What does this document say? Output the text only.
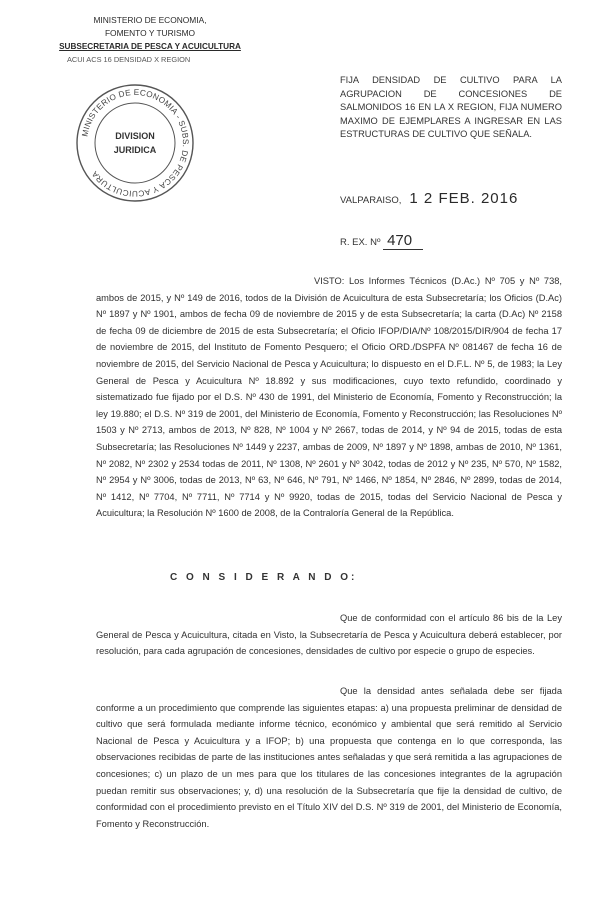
MINISTERIO DE ECONOMIA,
FOMENTO Y TURISMO
SUBSECRETARIA DE PESCA Y ACUICULTURA
ACUI ACS 16 DENSIDAD X REGION
MINISTERIO DE ECONOMIA - SUBS. DE PESCA Y ACUICULTURA
DIVISION
JURIDICA
FIJA DENSIDAD DE CULTIVO PARA LA AGRUPACION DE CONCESIONES DE SALMONIDOS 16 EN LA X REGION, FIJA NUMERO MAXIMO DE EJEMPLARES A INGRESAR EN LAS ESTRUCTURAS DE CULTIVO QUE SEÑALA.
VALPARAISO, 1 2 FEB. 2016
R. EX. Nº 470
VISTO: Los Informes Técnicos (D.Ac.) Nº 705 y Nº 738, ambos de 2015, y Nº 149 de 2016, todos de la División de Acuicultura de esta Subsecretaría; los Oficios (D.Ac) Nº 1897 y Nº 1901, ambos de fecha 09 de noviembre de 2015 y de esta Subsecretaría; la carta (D.Ac) Nº 2158 de fecha 09 de diciembre de 2015 de esta Subsecretaría; el Oficio IFOP/DIA/Nº 108/2015/DIR/904 de fecha 17 de noviembre de 2015, del Instituto de Fomento Pesquero; el Oficio ORD./DSPFA Nº 081467 de fecha 16 de noviembre de 2015, del Servicio Nacional de Pesca y Acuicultura; lo dispuesto en el D.F.L. Nº 5, de 1983; la Ley General de Pesca y Acuicultura Nº 18.892 y sus modificaciones, cuyo texto refundido, coordinado y sistematizado fue fijado por el D.S. Nº 430 de 1991, del Ministerio de Economía, Fomento y Reconstrucción; la ley 19.880; el D.S. Nº 319 de 2001, del Ministerio de Economía, Fomento y Reconstrucción; las Resoluciones Nº 1503 y Nº 2713, ambos de 2013, Nº 828, Nº 1004 y Nº 2667, todas de 2014, y Nº 94 de 2015, todas de esta Subsecretaría; las Resoluciones Nº 1449 y 2237, ambas de 2009, Nº 1897 y Nº 1898, ambas de 2010, Nº 1361, Nº 2082, Nº 2302 y 2534 todas de 2011, Nº 1308, Nº 2601 y Nº 3042, todas de 2012 y Nº 235, Nº 570, Nº 1582, Nº 2954 y Nº 3006, todas de 2013, Nº 63, Nº 646, Nº 791, Nº 1466, Nº 1854, Nº 2846, Nº 2899, todas de 2014, Nº 1412, Nº 7704, Nº 7711, Nº 7714 y Nº 9920, todas de 2015, todas del Servicio Nacional de Pesca y Acuicultura; la Resolución Nº 1600 de 2008, de la Contraloría General de la República.
C O N S I D E R A N D O:
Que de conformidad con el artículo 86 bis de la Ley General de Pesca y Acuicultura, citada en Visto, la Subsecretaría de Pesca y Acuicultura deberá establecer, por resolución, para cada agrupación de concesiones, densidades de cultivo por especie o grupo de especies.
Que la densidad antes señalada debe ser fijada conforme a un procedimiento que comprende las siguientes etapas: a) una propuesta preliminar de densidad de cultivo que será formulada mediante informe técnico, económico y ambiental que será remitido al Servicio Nacional de Pesca y Acuicultura y a IFOP; b) una propuesta que contenga en lo que corresponda, las observaciones recibidas de parte de las instituciones antes señaladas y que será remitida a las agrupaciones de concesiones; c) un plazo de un mes para que los titulares de las concesiones integrantes de la agrupación puedan remitir sus observaciones; y, d) una resolución de la Subsecretaría que fije la densidad de cultivo, de conformidad con el procedimiento previsto en el Título XIV del D.S. Nº 319 de 2001, del Ministerio de Economía, Fomento y Reconstrucción.
